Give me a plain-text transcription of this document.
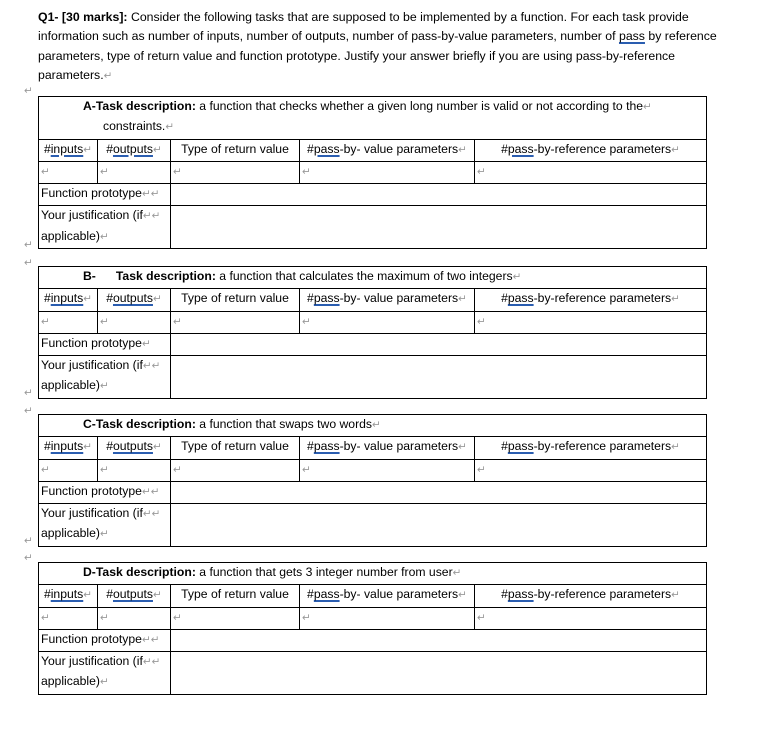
Q1- [30 marks]: Consider the following tasks that are supposed to be implemented by a function. For each task provide information such as number of inputs, number of outputs, number of pass-by-value parameters, number of pass by reference parameters, type of return value and function prototype. Justify your answer briefly if you are using pass-by-reference parameters.↵
↵
A-Task description: a function that checks whether a given long number is valid or not according to the↵
constraints.↵				

#inputs↵	#outputs↵	Type of return value	#pass-by- value parameters↵	#pass-by-reference parameters↵
↵	↵	↵	↵	↵
Function prototype↵↵				
Your justification (if↵↵
applicable)↵				
↵
↵
B- Task description: a function that calculates the maximum of two integers↵				

#inputs↵	#outputs↵	Type of return value	#pass-by- value parameters↵	#pass-by-reference parameters↵
↵	↵	↵	↵	↵
Function prototype↵				
Your justification (if↵↵
applicable)↵				
↵
↵
C-Task description: a function that swaps two words↵				

#inputs↵	#outputs↵	Type of return value	#pass-by- value parameters↵	#pass-by-reference parameters↵
↵	↵	↵	↵	↵
Function prototype↵↵				
Your justification (if↵↵
applicable)↵				
↵
↵
D-Task description: a function that gets 3 integer number from user↵				

#inputs↵	#outputs↵	Type of return value	#pass-by- value parameters↵	#pass-by-reference parameters↵
↵	↵	↵	↵	↵
Function prototype↵↵				
Your justification (if↵↵
applicable)↵				
